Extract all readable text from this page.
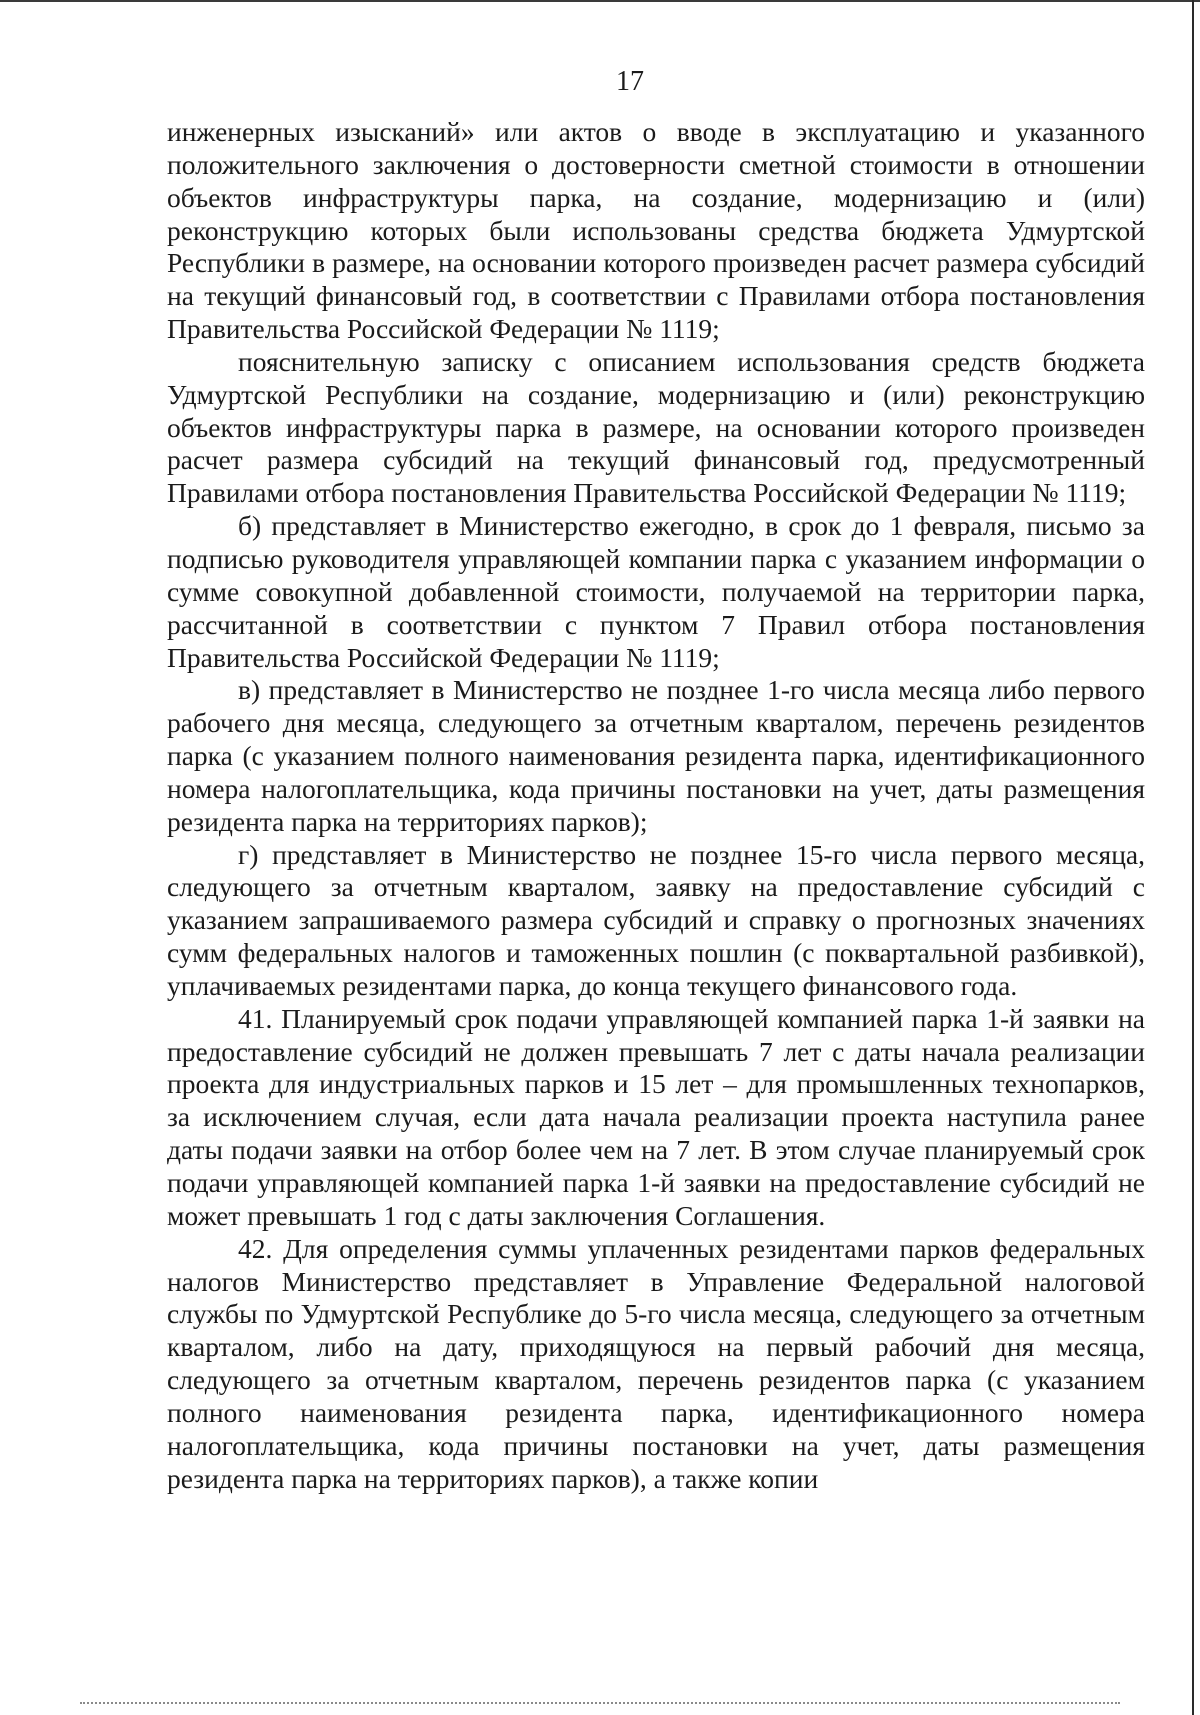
17

инженерных изысканий» или актов о вводе в эксплуатацию и указанного положительного заключения о достоверности сметной стоимости в отношении объектов инфраструктуры парка, на создание, модернизацию и (или) реконструкцию которых были использованы средства бюджета Удмуртской Республики в размере, на основании которого произведен расчет размера субсидий на текущий финансовый год, в соответствии с Правилами отбора постановления Правительства Российской Федерации № 1119;

пояснительную записку с описанием использования средств бюджета Удмуртской Республики на создание, модернизацию и (или) реконструкцию объектов инфраструктуры парка в размере, на основании которого произведен расчет размера субсидий на текущий финансовый год, предусмотренный Правилами отбора постановления Правительства Российской Федерации № 1119;

б) представляет в Министерство ежегодно, в срок до 1 февраля, письмо за подписью руководителя управляющей компании парка с указанием информации о сумме совокупной добавленной стоимости, получаемой на территории парка, рассчитанной в соответствии с пунктом 7 Правил отбора постановления Правительства Российской Федерации № 1119;

в) представляет в Министерство не позднее 1-го числа месяца либо первого рабочего дня месяца, следующего за отчетным кварталом, перечень резидентов парка (с указанием полного наименования резидента парка, идентификационного номера налогоплательщика, кода причины постановки на учет, даты размещения резидента парка на территориях парков);

г) представляет в Министерство не позднее 15-го числа первого месяца, следующего за отчетным кварталом, заявку на предоставление субсидий с указанием запрашиваемого размера субсидий и справку о прогнозных значениях сумм федеральных налогов и таможенных пошлин (с поквартальной разбивкой), уплачиваемых резидентами парка, до конца текущего финансового года.

41. Планируемый срок подачи управляющей компанией парка 1-й заявки на предоставление субсидий не должен превышать 7 лет с даты начала реализации проекта для индустриальных парков и 15 лет – для промышленных технопарков, за исключением случая, если дата начала реализации проекта наступила ранее даты подачи заявки на отбор более чем на 7 лет. В этом случае планируемый срок подачи управляющей компанией парка 1-й заявки на предоставление субсидий не может превышать 1 год с даты заключения Соглашения.

42. Для определения суммы уплаченных резидентами парков федеральных налогов Министерство представляет в Управление Федеральной налоговой службы по Удмуртской Республике до 5-го числа месяца, следующего за отчетным кварталом, либо на дату, приходящуюся на первый рабочий дня месяца, следующего за отчетным кварталом, перечень резидентов парка (с указанием полного наименования резидента парка, идентификационного номера налогоплательщика, кода причины постановки на учет, даты размещения резидента парка на территориях парков), а также копии
